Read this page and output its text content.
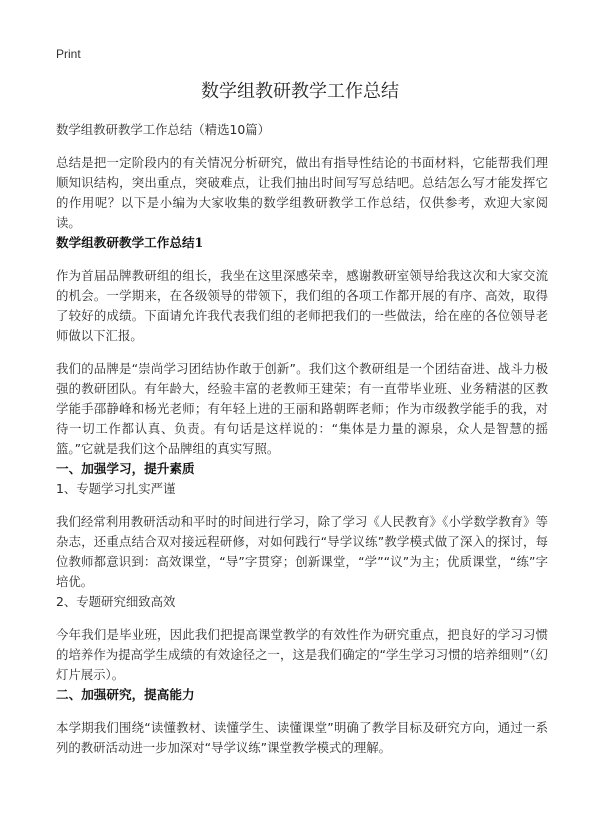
Print
数学组教研教学工作总结

数学组教研教学工作总结（精选10篇）

总结是把一定阶段内的有关情况分析研究，做出有指导性结论的书面材料，它能帮我们理顺知识结构，突出重点，突破难点，让我们抽出时间写写总结吧。总结怎么写才能发挥它的作用呢？以下是小编为大家收集的数学组教研教学工作总结，仅供参考，欢迎大家阅读。

数学组教研教学工作总结1

作为首届品牌教研组的组长，我坐在这里深感荣幸，感谢教研室领导给我这次和大家交流的机会。一学期来，在各级领导的带领下，我们组的各项工作都开展的有序、高效，取得了较好的成绩。下面请允许我代表我们组的老师把我们的一些做法，给在座的各位领导老师做以下汇报。

我们的品牌是“崇尚学习团结协作敢于创新”。我们这个教研组是一个团结奋进、战斗力极强的教研团队。有年龄大，经验丰富的老教师王建荣；有一直带毕业班、业务精湛的区教学能手邵静峰和杨光老师；有年轻上进的王丽和路朝晖老师；作为市级教学能手的我，对待一切工作都认真、负责。有句话是这样说的：“集体是力量的源泉，众人是智慧的摇篮。”它就是我们这个品牌组的真实写照。

一、加强学习，提升素质

1、专题学习扎实严谨

我们经常利用教研活动和平时的时间进行学习，除了学习《人民教育》《小学数学教育》等杂志，还重点结合双对接远程研修，对如何践行“导学议练”教学模式做了深入的探讨，每位教师都意识到：高效课堂，“导”字贯穿；创新课堂，“学”“议”为主；优质课堂，“练”字培优。

2、专题研究细致高效

今年我们是毕业班，因此我们把提高课堂教学的有效性作为研究重点，把良好的学习习惯的培养作为提高学生成绩的有效途径之一，这是我们确定的“学生学习习惯的培养细则”（幻灯片展示）。

二、加强研究，提高能力

本学期我们围绕“读懂教材、读懂学生、读懂课堂”明确了教学目标及研究方向，通过一系列的教研活动进一步加深对“导学议练”课堂教学模式的理解。
